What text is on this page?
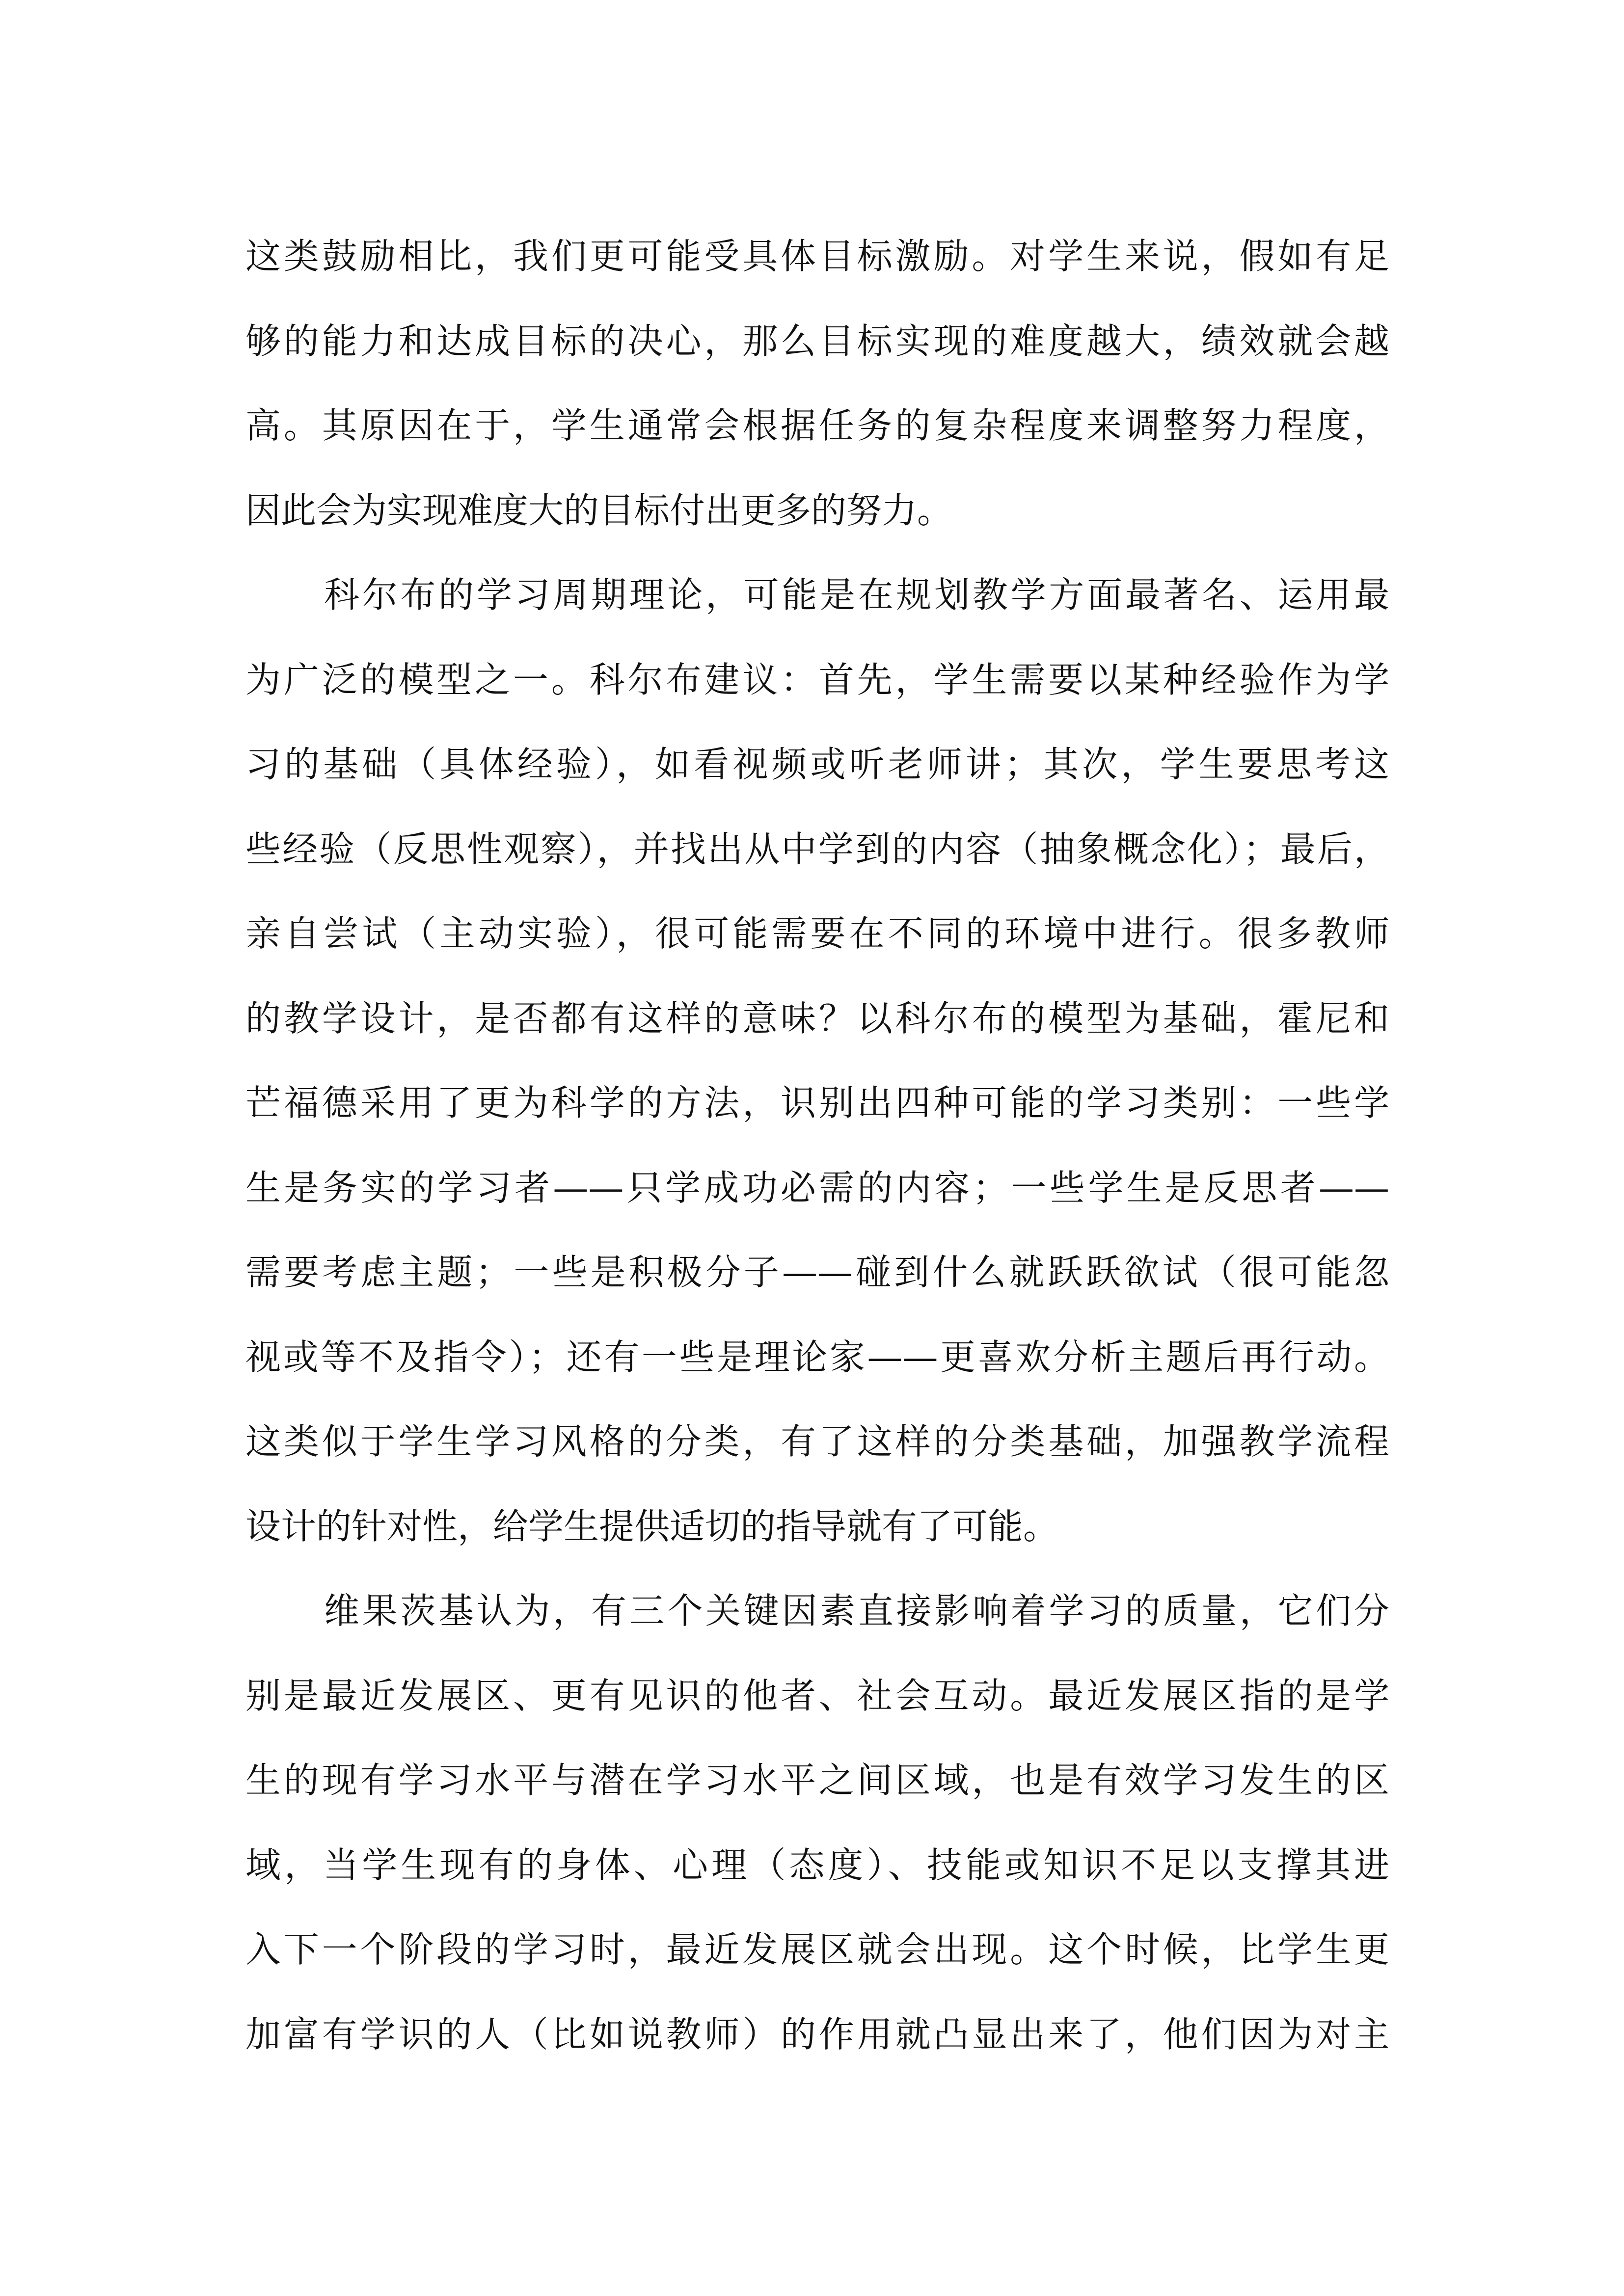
这类鼓励相比，我们更可能受具体目标激励。对学生来说，假如有足
够的能力和达成目标的决心，那么目标实现的难度越大，绩效就会越
高。其原因在于，学生通常会根据任务的复杂程度来调整努力程度，
因此会为实现难度大的目标付出更多的努力。
科尔布的学习周期理论，可能是在规划教学方面最著名、运用最
为广泛的模型之一。科尔布建议：首先，学生需要以某种经验作为学
习的基础（具体经验），如看视频或听老师讲；其次，学生要思考这
些经验（反思性观察），并找出从中学到的内容（抽象概念化）；最后，
亲自尝试（主动实验），很可能需要在不同的环境中进行。很多教师
的教学设计，是否都有这样的意味？以科尔布的模型为基础，霍尼和
芒福德采用了更为科学的方法，识别出四种可能的学习类别：一些学
生是务实的学习者——只学成功必需的内容；一些学生是反思者——
需要考虑主题；一些是积极分子——碰到什么就跃跃欲试（很可能忽
视或等不及指令）；还有一些是理论家——更喜欢分析主题后再行动。
这类似于学生学习风格的分类，有了这样的分类基础，加强教学流程
设计的针对性，给学生提供适切的指导就有了可能。
维果茨基认为，有三个关键因素直接影响着学习的质量，它们分
别是最近发展区、更有见识的他者、社会互动。最近发展区指的是学
生的现有学习水平与潜在学习水平之间区域，也是有效学习发生的区
域，当学生现有的身体、心理（态度）、技能或知识不足以支撑其进
入下一个阶段的学习时，最近发展区就会出现。这个时候，比学生更
加富有学识的人（比如说教师）的作用就凸显出来了，他们因为对主
